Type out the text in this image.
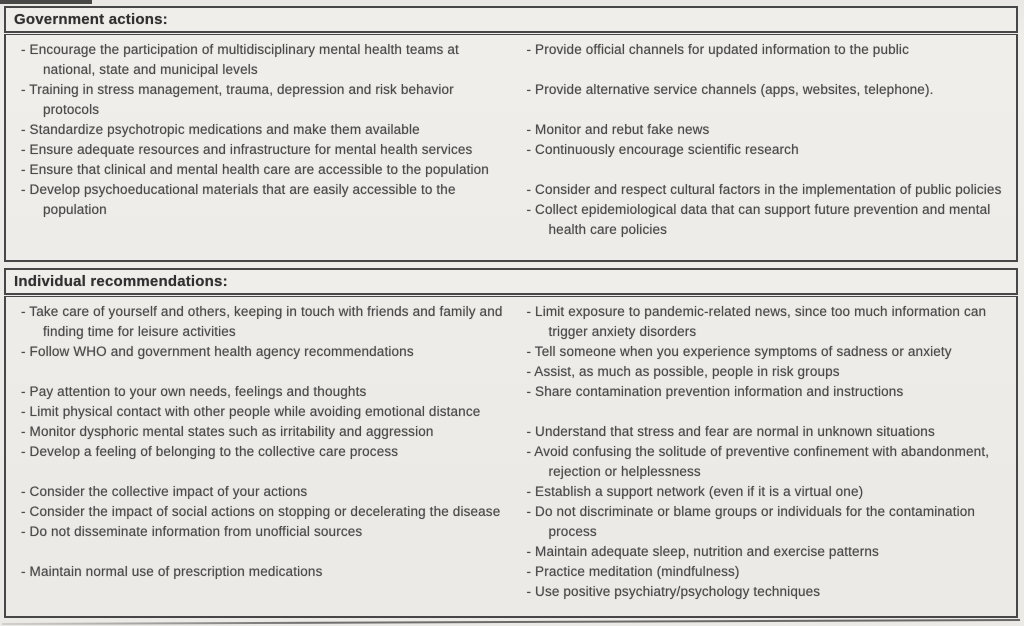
Government actions:
- Encourage the participation of multidisciplinary mental health teams at national, state and municipal levels
- Training in stress management, trauma, depression and risk behavior protocols
- Standardize psychotropic medications and make them available
- Ensure adequate resources and infrastructure for mental health services
- Ensure that clinical and mental health care are accessible to the population
- Develop psychoeducational materials that are easily accessible to the population
- Provide official channels for updated information to the public
- Provide alternative service channels (apps, websites, telephone).
- Monitor and rebut fake news
- Continuously encourage scientific research
- Consider and respect cultural factors in the implementation of public policies
- Collect epidemiological data that can support future prevention and mental health care policies
Individual recommendations:
- Take care of yourself and others, keeping in touch with friends and family and finding time for leisure activities
- Follow WHO and government health agency recommendations
- Pay attention to your own needs, feelings and thoughts
- Limit physical contact with other people while avoiding emotional distance
- Monitor dysphoric mental states such as irritability and aggression
- Develop a feeling of belonging to the collective care process
- Consider the collective impact of your actions
- Consider the impact of social actions on stopping or decelerating the disease
- Do not disseminate information from unofficial sources
- Maintain normal use of prescription medications
- Limit exposure to pandemic-related news, since too much information can trigger anxiety disorders
- Tell someone when you experience symptoms of sadness or anxiety
- Assist, as much as possible, people in risk groups
- Share contamination prevention information and instructions
- Understand that stress and fear are normal in unknown situations
- Avoid confusing the solitude of preventive confinement with abandonment, rejection or helplessness
- Establish a support network (even if it is a virtual one)
- Do not discriminate or blame groups or individuals for the contamination process
- Maintain adequate sleep, nutrition and exercise patterns
- Practice meditation (mindfulness)
- Use positive psychiatry/psychology techniques
